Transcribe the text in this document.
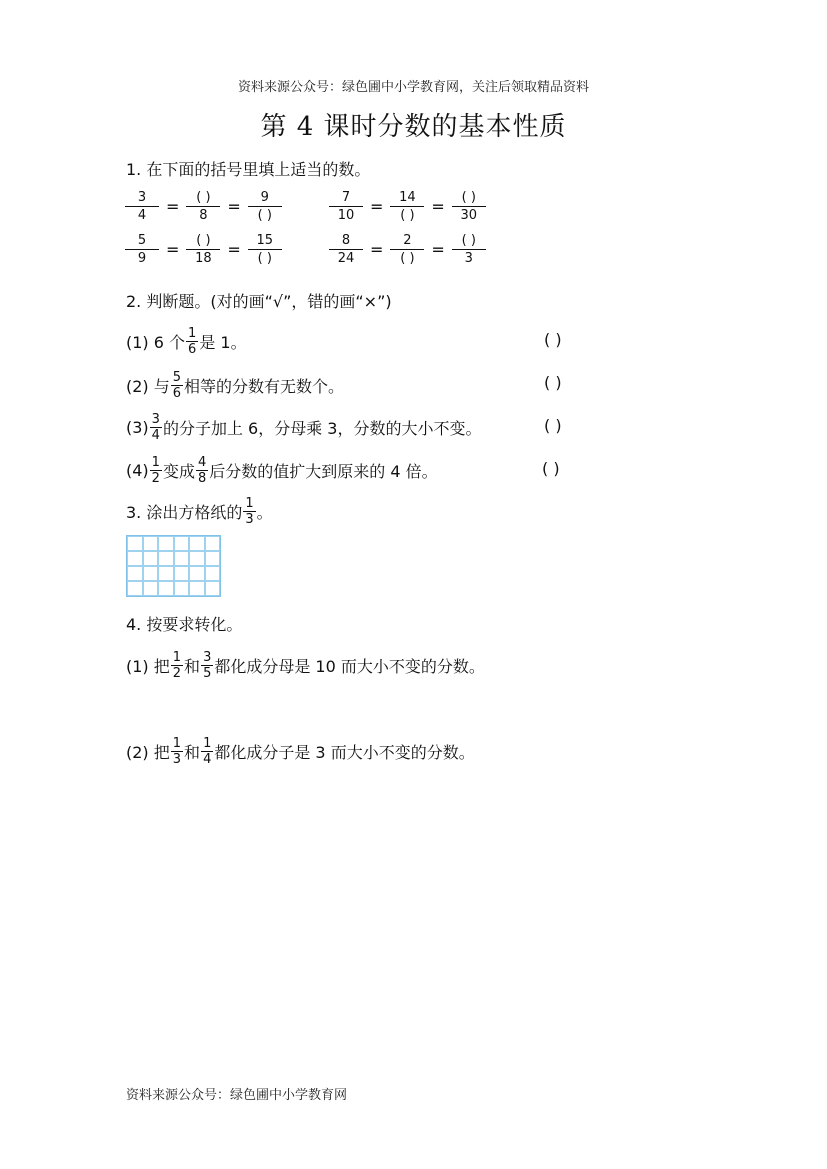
资料来源公众号：绿色圃中小学教育网，关注后领取精品资料
第 4 课时分数的基本性质
1. 在下面的括号里填上适当的数。
$\frac{3}{4} = \frac{( )}{8} = \frac{9}{( )}$	$\frac{7}{10} = \frac{14}{( )} = \frac{( )}{30}$
$\frac{5}{9} = \frac{( )}{18} = \frac{15}{( )}$	$\frac{8}{24} = \frac{2}{( )} = \frac{( )}{3}$
2. 判断题。(对的画“√”，错的画“×”)
(1) 6 个 $\frac{1}{6}$ 是 1。	( )
(2) 与 $\frac{5}{6}$ 相等的分数有无数个。	( )
$(3) \frac{3}{4}$ 的分子加上 6，分母乘 3，分数的大小不变。	( )
$(4) \frac{1}{2}$ 变成 $\frac{4}{8}$ 后分数的值扩大到原来的 4 倍。	( )
3. 涂出方格纸的 $\frac{1}{3}$ 。
4. 按要求转化。
(1) 把 $\frac{1}{2}$ 和 $\frac{3}{5}$ 都化成分母是 10 而大小不变的分数。
(2) 把 $\frac{1}{3}$ 和 $\frac{1}{4}$ 都化成分子是 3 而大小不变的分数。
资料来源公众号：绿色圃中小学教育网
